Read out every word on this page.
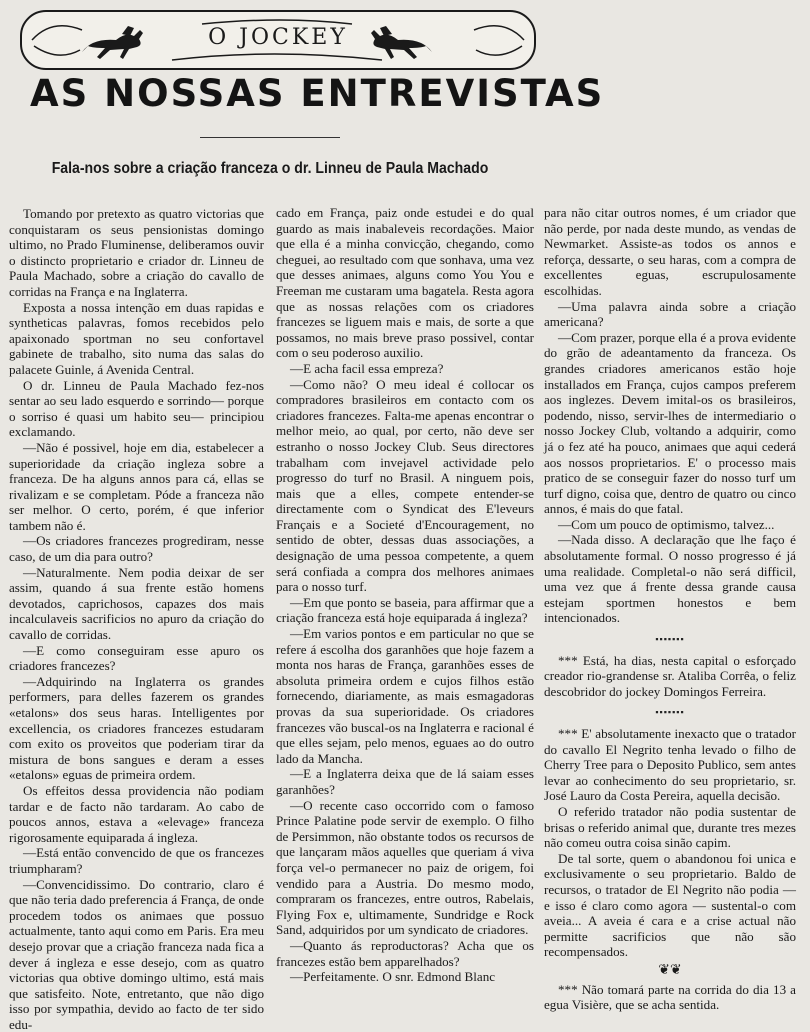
O JOCKEY
AS NOSSAS ENTREVISTAS
Fala-nos sobre a criação franceza o dr. Linneu de Paula Machado

Tomando por pretexto as quatro victorias que conquistaram os seus pensionistas domingo ultimo, no Prado Fluminense, deliberamos ouvir o distincto proprietario e criador dr. Linneu de Paula Machado, sobre a criação do cavallo de corridas na França e na Inglaterra.

Exposta a nossa intenção em duas rapidas e syntheticas palavras, fomos recebidos pelo apaixonado sportman no seu confortavel gabinete de trabalho, sito numa das salas do palacete Guinle, á Avenida Central.

O dr. Linneu de Paula Machado fez-nos sentar ao seu lado esquerdo e sorrindo— porque o sorriso é quasi um habito seu— principiou exclamando.

—Não é possivel, hoje em dia, estabelecer a superioridade da criação ingleza sobre a franceza. De ha alguns annos para cá, ellas se rivalizam e se completam. Póde a franceza não ser melhor. O certo, porém, é que inferior tambem não é.

—Os criadores francezes progrediram, nesse caso, de um dia para outro?

—Naturalmente. Nem podia deixar de ser assim, quando á sua frente estão homens devotados, caprichosos, capazes dos mais incalculaveis sacrificios no apuro da criação do cavallo de corridas.

—E como conseguiram esse apuro os criadores francezes?

—Adquirindo na Inglaterra os grandes performers, para delles fazerem os grandes «etalons» dos seus haras. Intelligentes por excellencia, os criadores francezes estudaram com exito os proveitos que poderiam tirar da mistura de bons sangues e deram a esses «etalons» eguas de primeira ordem.

Os effeitos dessa providencia não podiam tardar e de facto não tardaram. Ao cabo de poucos annos, estava a «elevage» franceza rigorosamente equiparada á ingleza.

—Está então convencido de que os francezes triumpharam?

—Convencidissimo. Do contrario, claro é que não teria dado preferencia á França, de onde procedem todos os animaes que possuo actualmente, tanto aqui como em Paris. Era meu desejo provar que a criação franceza nada fica a dever á ingleza e esse desejo, com as quatro victorias qua obtive domingo ultimo, está mais que satisfeito. Note, entretanto, que não digo isso por sympathia, devido ao facto de ter sido edu-

cado em França, paiz onde estudei e do qual guardo as mais inabaleveis recordações. Maior que ella é a minha convicção, chegando, como cheguei, ao resultado com que sonhava, uma vez que desses animaes, alguns como You You e Freeman me custaram uma bagatela. Resta agora que as nossas relações com os criadores francezes se liguem mais e mais, de sorte a que possamos, no mais breve praso possivel, contar com o seu poderoso auxilio.

—E acha facil essa empreza?

—Como não? O meu ideal é collocar os compradores brasileiros em contacto com os criadores francezes. Falta-me apenas encontrar o melhor meio, ao qual, por certo, não deve ser estranho o nosso Jockey Club. Seus directores trabalham com invejavel actividade pelo progresso do turf no Brasil. A ninguem pois, mais que a elles, compete entender-se directamente com o Syndicat des E'leveurs Français e a Societé d'Encouragement, no sentido de obter, dessas duas associações, a designação de uma pessoa competente, a quem será confiada a compra dos melhores animaes para o nosso turf.

—Em que ponto se baseia, para affirmar que a criação franceza está hoje equiparada á ingleza?

—Em varios pontos e em particular no que se refere á escolha dos garanhões que hoje fazem a monta nos haras de França, garanhões esses de absoluta primeira ordem e cujos filhos estão fornecendo, diariamente, as mais esmagadoras provas da sua superioridade. Os criadores francezes vão buscal-os na Inglaterra e racional é que elles sejam, pelo menos, eguaes ao do outro lado da Mancha.

—E a Inglaterra deixa que de lá saiam esses garanhões?

—O recente caso occorrido com o famoso Prince Palatine pode servir de exemplo. O filho de Persimmon, não obstante todos os recursos de que lançaram mãos aquelles que queriam á viva força vel-o permanecer no paiz de origem, foi vendido para a Austria. Do mesmo modo, compraram os francezes, entre outros, Rabelais, Flying Fox e, ultimamente, Sundridge e Rock Sand, adquiridos por um syndicato de criadores.

—Quanto ás reproductoras? Acha que os francezes estão bem apparelhados?

—Perfeitamente. O snr. Edmond Blanc

para não citar outros nomes, é um criador que não perde, por nada deste mundo, as vendas de Newmarket. Assiste-as todos os annos e reforça, dessarte, o seu haras, com a compra de excellentes eguas, escrupulosamente escolhidas.

—Uma palavra ainda sobre a criação americana?

—Com prazer, porque ella é a prova evidente do grão de adeantamento da franceza. Os grandes criadores americanos estão hoje installados em França, cujos campos preferem aos inglezes. Devem imital-os os brasileiros, podendo, nisso, servir-lhes de intermediario o nosso Jockey Club, voltando a adquirir, como já o fez até ha pouco, animaes que aqui cederá aos nossos proprietarios. E' o processo mais pratico de se conseguir fazer do nosso turf um turf digno, coisa que, dentro de quatro ou cinco annos, é mais do que fatal.

—Com um pouco de optimismo, talvez...

—Nada disso. A declaração que lhe faço é absolutamente formal. O nosso progresso é já uma realidade. Completal-o não será difficil, uma vez que á frente dessa grande causa estejam sportmen honestos e bem intencionados.

▪▪▪▪▪▪▪

*** Está, ha dias, nesta capital o esforçado creador rio-grandense sr. Ataliba Corrêa, o feliz descobridor do jockey Domingos Ferreira.

▪▪▪▪▪▪▪

*** E' absolutamente inexacto que o tratador do cavallo El Negrito tenha levado o filho de Cherry Tree para o Deposito Publico, sem antes levar ao conhecimento do seu proprietario, sr. José Lauro da Costa Pereira, aquella decisão.

O referido tratador não podia sustentar de brisas o referido animal que, durante tres mezes não comeu outra coisa sinão capim.

De tal sorte, quem o abandonou foi unica e exclusivamente o seu proprietario. Baldo de recursos, o tratador de El Negrito não podia — e isso é claro como agora — sustental-o com aveia... A aveia é cara e a crise actual não permitte sacrificios que não são recompensados.

❦❦

*** Não tomará parte na corrida do dia 13 a egua Visière, que se acha sentida.
